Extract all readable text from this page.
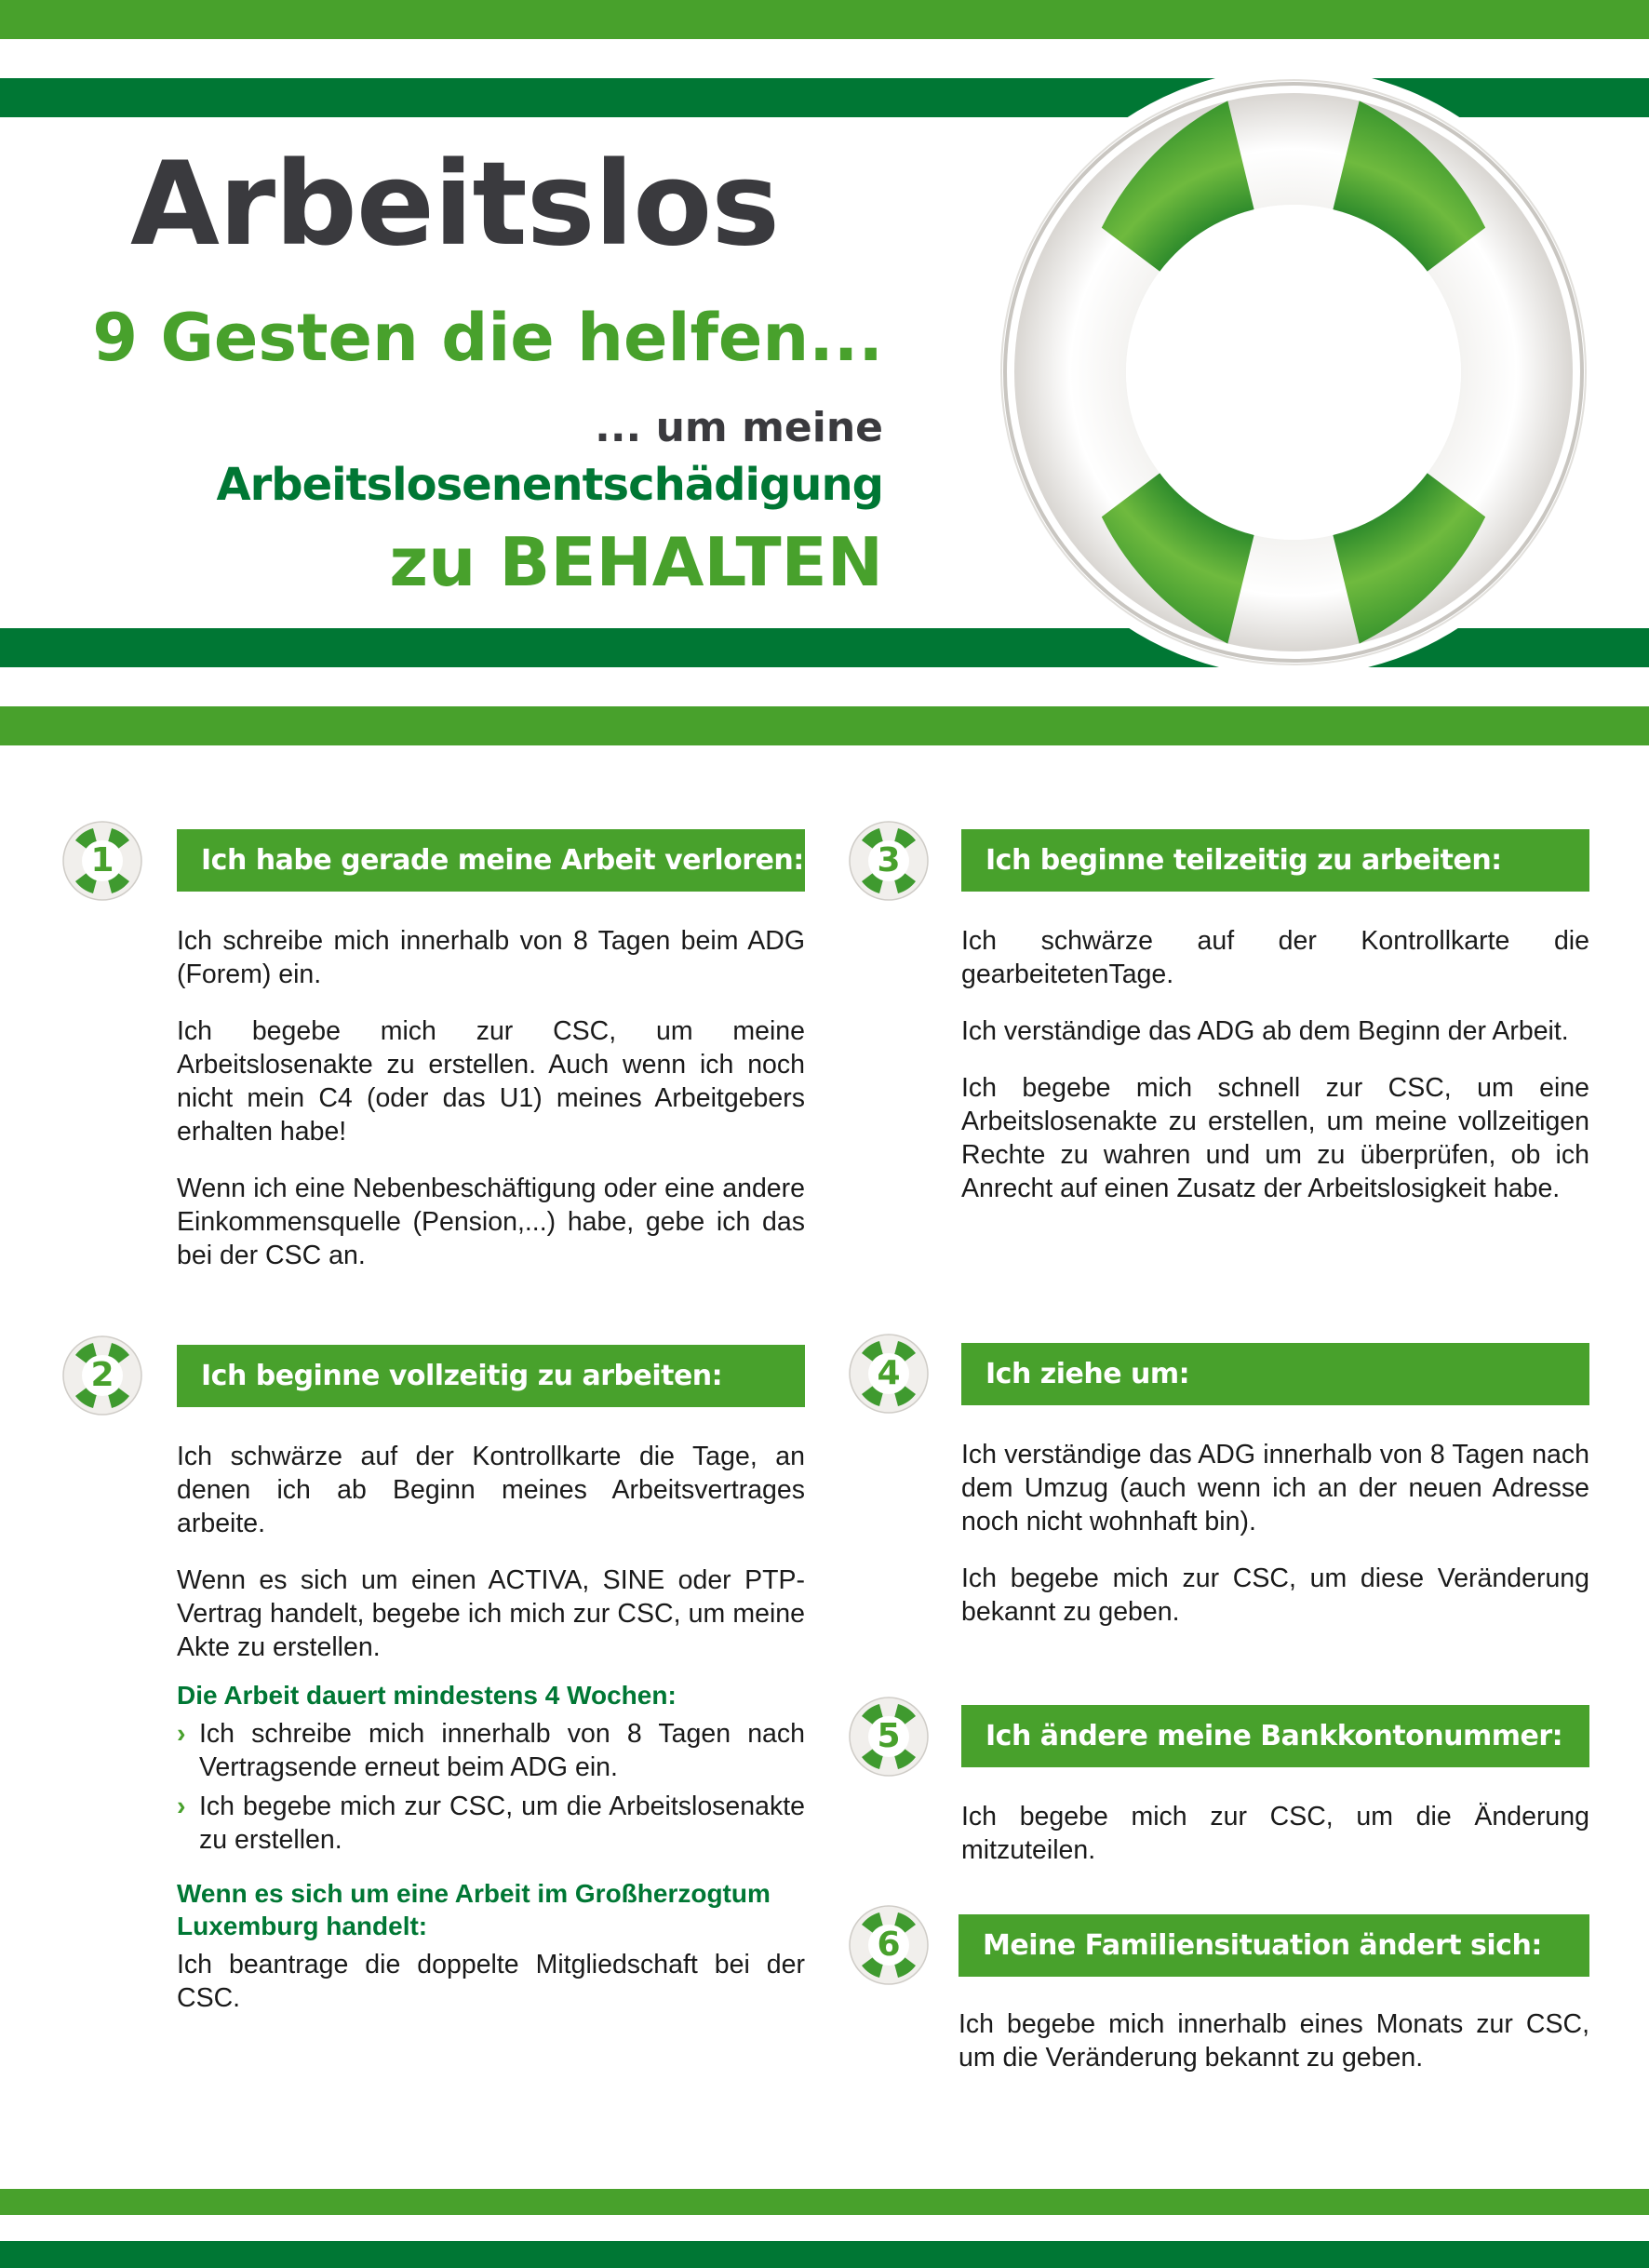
Arbeitslos
9 Gesten die helfen...
... um meine
Arbeitslosenentschädigung
zu BEHALTEN
1	Ich habe gerade meine Arbeit verloren:

Ich schreibe mich innerhalb von 8 Tagen beim ADG (Forem) ein.

Ich begebe mich zur CSC, um meine Arbeitslosenakte zu erstellen. Auch wenn ich noch nicht mein C4 (oder das U1) meines Arbeitgebers erhalten habe!

Wenn ich eine Nebenbeschäftigung oder eine andere Einkommensquelle (Pension,...) habe, gebe ich das bei der CSC an.

2	Ich beginne vollzeitig zu arbeiten:

Ich schwärze auf der Kontrollkarte die Tage, an denen ich ab Beginn meines Arbeitsvertrages arbeite.

Wenn es sich um einen ACTIVA, SINE oder PTP-Vertrag handelt, begebe ich mich zur CSC, um meine Akte zu erstellen.

Die Arbeit dauert mindestens 4 Wochen:
› Ich schreibe mich innerhalb von 8 Tagen nach Vertragsende erneut beim ADG ein.
› Ich begebe mich zur CSC, um die Arbeitslosenakte zu erstellen.
Wenn es sich um eine Arbeit im Großherzogtum Luxemburg handelt:

Ich beantrage die doppelte Mitgliedschaft bei der CSC.

3	Ich beginne teilzeitig zu arbeiten:

Ich schwärze auf der Kontrollkarte die gearbeitetenTage.

Ich verständige das ADG ab dem Beginn der Arbeit.

Ich begebe mich schnell zur CSC, um eine Arbeitslosenakte zu erstellen, um meine vollzeitigen Rechte zu wahren und um zu überprüfen, ob ich Anrecht auf einen Zusatz der Arbeitslosigkeit habe.

4	Ich ziehe um:

Ich verständige das ADG innerhalb von 8 Tagen nach dem Umzug (auch wenn ich an der neuen Adresse noch nicht wohnhaft bin).

Ich begebe mich zur CSC, um diese Veränderung bekannt zu geben.

5	Ich ändere meine Bankkontonummer:

Ich begebe mich zur CSC, um die Änderung mitzuteilen.

6	Meine Familiensituation ändert sich:

Ich begebe mich innerhalb eines Monats zur CSC, um die Veränderung bekannt zu geben.
